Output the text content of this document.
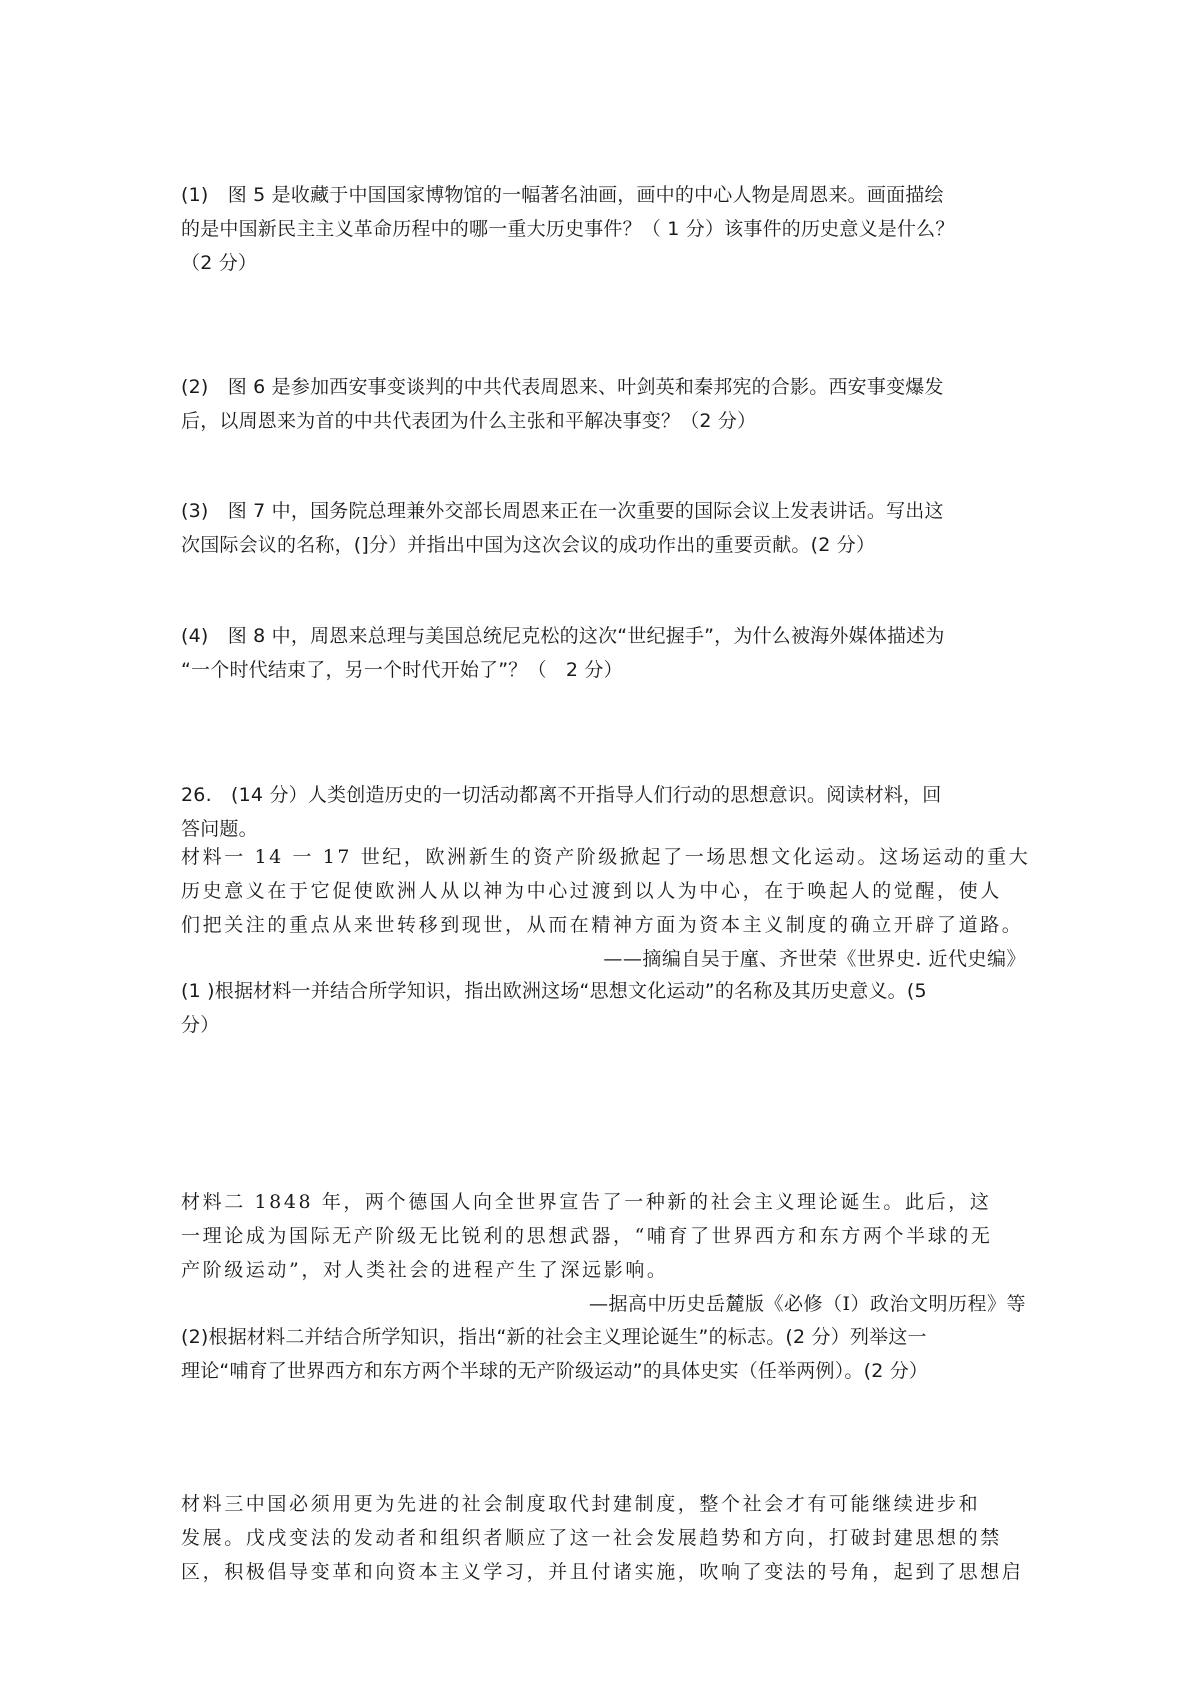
(1)　图 5 是收藏于中国国家博物馆的一幅著名油画，画中的中心人物是周恩来。画面描绘
的是中国新民主主义革命历程中的哪一重大历史事件？（ 1 分）该事件的历史意义是什么？
（2 分）
(2)　图 6 是参加西安事变谈判的中共代表周恩来、叶剑英和秦邦宪的合影。西安事变爆发
后，以周恩来为首的中共代表团为什么主张和平解决事变？（2 分）
(3)　图 7 中，国务院总理兼外交部长周恩来正在一次重要的国际会议上发表讲话。写出这
次国际会议的名称，(]分）并指出中国为这次会议的成功作出的重要贡献。(2 分）
(4)　图 8 中，周恩来总理与美国总统尼克松的这次“世纪握手”，为什么被海外媒体描述为
“一个时代结束了，另一个时代开始了”？（　2 分）
26.　(14 分）人类创造历史的一切活动都离不开指导人们行动的思想意识。阅读材料，回
答问题。
材料一 14 一 17 世纪，欧洲新生的资产阶级掀起了一场思想文化运动。这场运动的重大
历史意义在于它促使欧洲人从以神为中心过渡到以人为中心，在于唤起人的觉醒，使人
们把关注的重点从来世转移到现世，从而在精神方面为资本主义制度的确立开辟了道路。
——摘编自吴于廑、齐世荣《世界史. 近代史编》
(1 )根据材料一并结合所学知识，指出欧洲这场“思想文化运动”的名称及其历史意义。(5
分）
材料二 1848 年，两个德国人向全世界宣告了一种新的社会主义理论诞生。此后，这
一理论成为国际无产阶级无比锐利的思想武器，“哺育了世界西方和东方两个半球的无
产阶级运动”，对人类社会的进程产生了深远影响。
—据高中历史岳麓版《必修（I）政治文明历程》等
(2)根据材料二并结合所学知识，指出“新的社会主义理论诞生”的标志。(2 分）列举这一
理论“哺育了世界西方和东方两个半球的无产阶级运动”的具体史实（任举两例）。(2 分）
材料三中国必须用更为先进的社会制度取代封建制度，整个社会才有可能继续进步和
发展。戊戌变法的发动者和组织者顺应了这一社会发展趋势和方向，打破封建思想的禁
区，积极倡导变革和向资本主义学习，并且付诸实施，吹响了变法的号角，起到了思想启
